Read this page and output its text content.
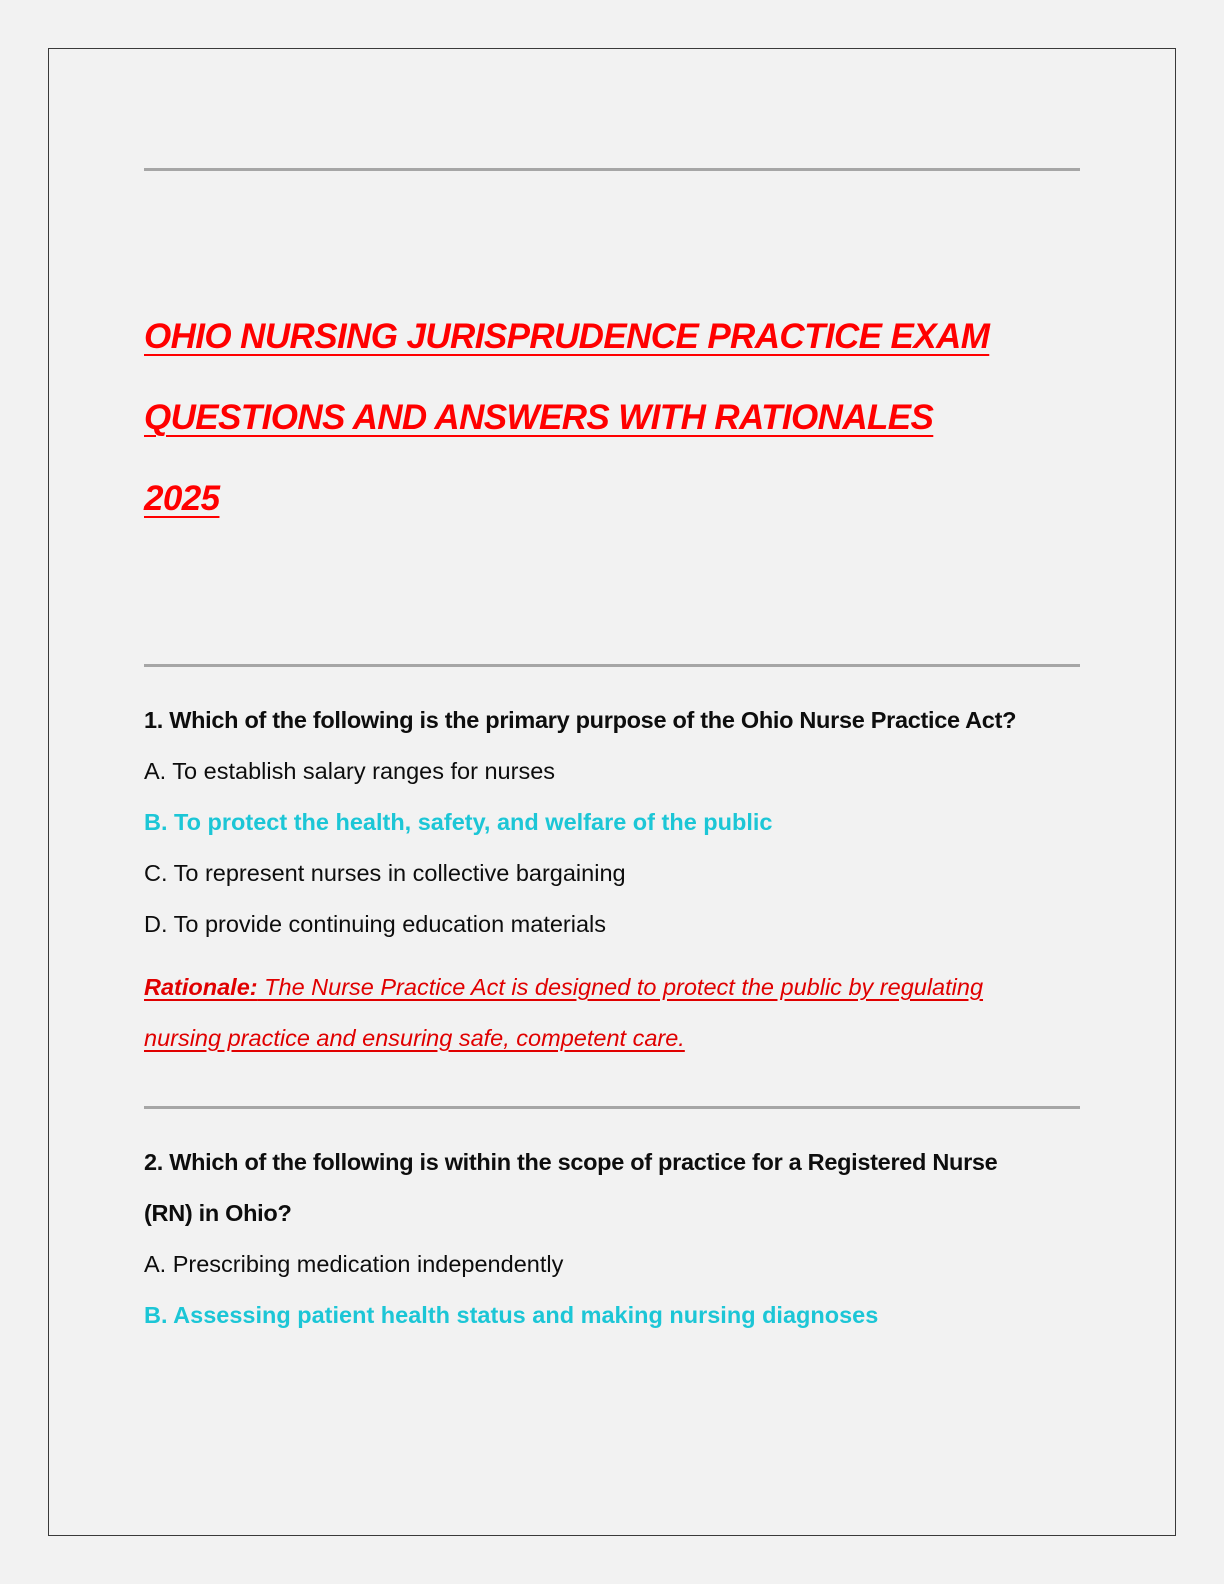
OHIO NURSING JURISPRUDENCE PRACTICE EXAM
QUESTIONS AND ANSWERS WITH RATIONALES
2025
1. Which of the following is the primary purpose of the Ohio Nurse Practice Act?
A. To establish salary ranges for nurses
B. To protect the health, safety, and welfare of the public
C. To represent nurses in collective bargaining
D. To provide continuing education materials
Rationale: The Nurse Practice Act is designed to protect the public by regulating
nursing practice and ensuring safe, competent care.
2. Which of the following is within the scope of practice for a Registered Nurse
(RN) in Ohio?
A. Prescribing medication independently
B. Assessing patient health status and making nursing diagnoses
